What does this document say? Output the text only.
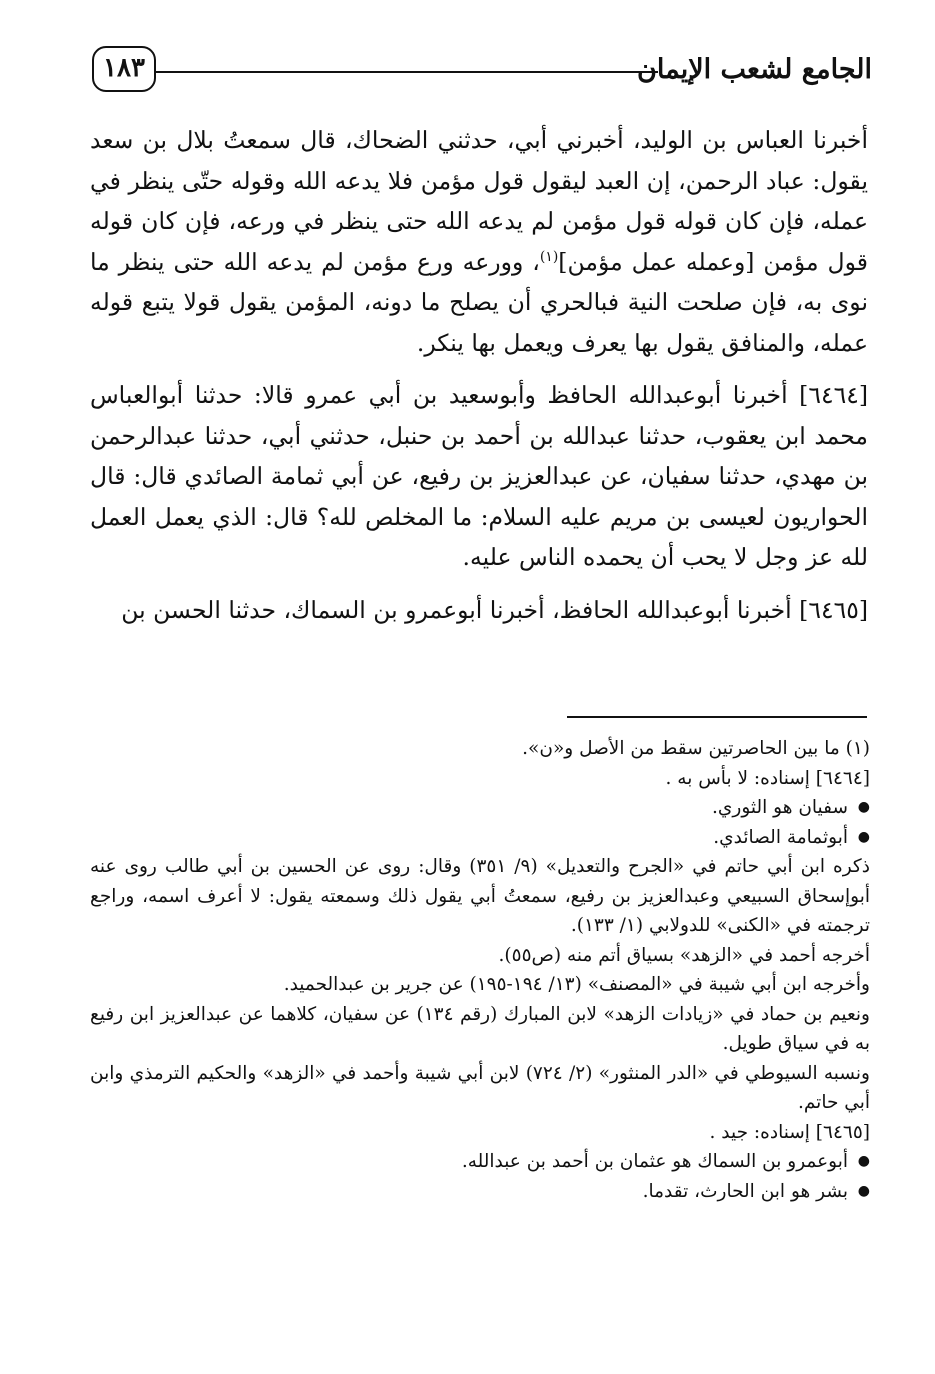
الجامع لشعب الإيمان
١٨٣

أخبرنا العباس بن الوليد، أخبرني أبي، حدثني الضحاك، قال سمعتُ بلال بن سعد يقول: عباد الرحمن، إن العبد ليقول قول مؤمن فلا يدعه الله وقوله حتّى ينظر في عمله، فإن كان قوله قول مؤمن لم يدعه الله حتى ينظر في ورعه، فإن كان قوله قول مؤمن [وعمله عمل مؤمن]$^{(١)}$، وورعه ورع مؤمن لم يدعه الله حتى ينظر ما نوى به، فإن صلحت النية فبالحري أن يصلح ما دونه، المؤمن يقول قولا يتبع قوله عمله، والمنافق يقول بها يعرف ويعمل بها ينكر.

[٦٤٦٤] أخبرنا أبوعبدالله الحافظ وأبوسعيد بن أبي عمرو قالا: حدثنا أبوالعباس محمد ابن يعقوب، حدثنا عبدالله بن أحمد بن حنبل، حدثني أبي، حدثنا عبدالرحمن بن مهدي، حدثنا سفيان، عن عبدالعزيز بن رفيع، عن أبي ثمامة الصائدي قال: قال الحواريون لعيسى بن مريم عليه السلام: ما المخلص لله؟ قال: الذي يعمل العمل لله عز وجل لا يحب أن يحمده الناس عليه.

[٦٤٦٥] أخبرنا أبوعبدالله الحافظ، أخبرنا أبوعمرو بن السماك، حدثنا الحسن بن

(١) ما بين الحاصرتين سقط من الأصل و«ن».

[٦٤٦٤] إسناده: لا بأس به .

● سفيان هو الثوري.

● أبوثمامة الصائدي.

ذكره ابن أبي حاتم في «الجرح والتعديل» (٩/ ٣٥١) وقال: روى عن الحسين بن أبي طالب روى عنه أبوإسحاق السبيعي وعبدالعزيز بن رفيع، سمعتُ أبي يقول ذلك وسمعته يقول: لا أعرف اسمه، وراجع ترجمته في «الكنى» للدولابي (١/ ١٣٣).

أخرجه أحمد في «الزهد» بسياق أتم منه (ص٥٥).

وأخرجه ابن أبي شيبة في «المصنف» (١٣/ ١٩٤-١٩٥) عن جرير بن عبدالحميد.

ونعيم بن حماد في «زيادات الزهد» لابن المبارك (رقم ١٣٤) عن سفيان، كلاهما عن عبدالعزيز ابن رفيع به في سياق طويل.

ونسبه السيوطي في «الدر المنثور» (٢/ ٧٢٤) لابن أبي شيبة وأحمد في «الزهد» والحكيم الترمذي وابن أبي حاتم.

[٦٤٦٥] إسناده: جيد .

● أبوعمرو بن السماك هو عثمان بن أحمد بن عبدالله.

● بشر هو ابن الحارث، تقدما.
